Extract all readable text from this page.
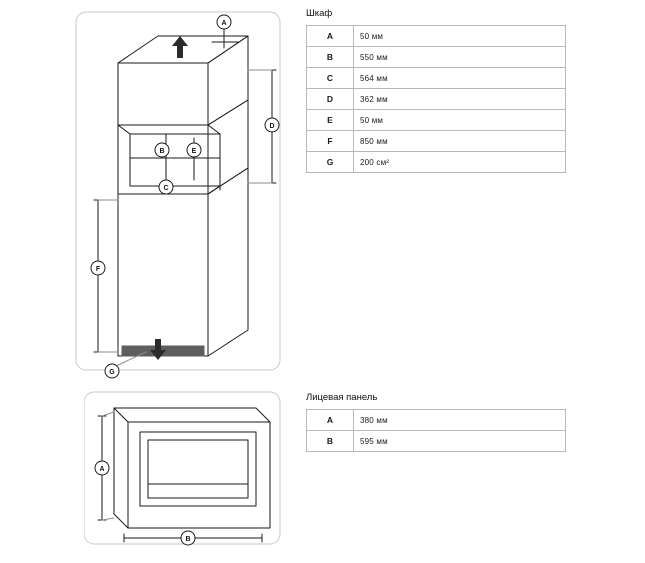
A
B
C
D
E
F
G
A
B
Шкаф
A	50 мм
B	550 мм
C	564 мм
D	362 мм
E	50 мм
F	850 мм
G	200 см²
Лицевая панель
A	380 мм
B	595 мм
